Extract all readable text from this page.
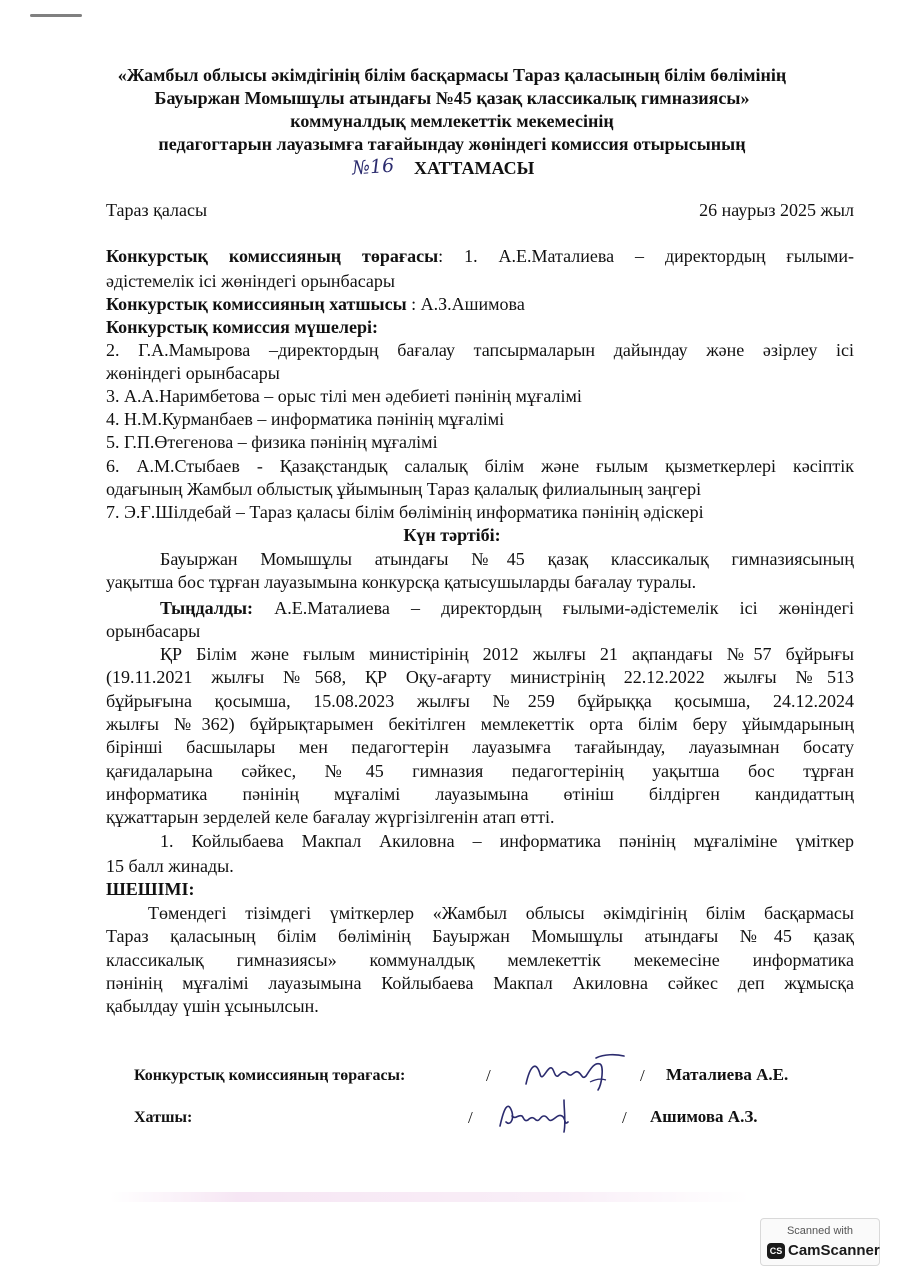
«Жамбыл облысы әкімдігінің білім басқармасы Тараз қаласының білім бөлімінің
Бауыржан Момышұлы атындағы №45 қазақ классикалық гимназиясы»
коммуналдық мемлекеттік мекемесінің
педагогтарын лауазымға тағайындау жөніндегі комиссия отырысының
№16 ХАТТАМАСЫ
Тараз қаласы	26 наурыз 2025 жыл
Конкурстық комиссияның төрағасы: 1. А.Е.Маталиева – директордың ғылыми-
әдістемелік ісі жөніндегі орынбасары
Конкурстық комиссияның хатшысы : А.З.Ашимова
Конкурстық комиссия мүшелері:
2. Г.А.Мамырова –директордың бағалау тапсырмаларын дайындау және әзірлеу ісі
жөніндегі орынбасары
3. А.А.Наримбетова – орыс тілі мен әдебиеті пәнінің мұғалімі
4. Н.М.Курманбаев – информатика пәнінің мұғалімі
5. Г.П.Өтегенова – физика пәнінің мұғалімі
6. А.М.Стыбаев - Қазақстандық салалық білім және ғылым қызметкерлері кәсіптік
одағының Жамбыл облыстық ұйымының Тараз қалалық филиалының заңгері
7. Э.Ғ.Шілдебай – Тараз қаласы білім бөлімінің информатика пәнінің әдіскері
Күн тәртібі:
Бауыржан Момышұлы атындағы №45 қазақ классикалық гимназиясының
уақытша бос тұрған лауазымына конкурсқа қатысушыларды бағалау туралы.
Тыңдалды: А.Е.Маталиева – директордың ғылыми-әдістемелік ісі жөніндегі
орынбасары
ҚР Білім және ғылым министірінің 2012 жылғы 21 ақпандағы №57 бұйрығы
(19.11.2021 жылғы №568, ҚР Оқу-ағарту министрінің 22.12.2022 жылғы №513
бұйрығына қосымша, 15.08.2023 жылғы №259 бұйрыққа қосымша, 24.12.2024
жылғы №362) бұйрықтарымен бекітілген мемлекеттік орта білім беру ұйымдарының
бірінші басшылары мен педагогтерін лауазымға тағайындау, лауазымнан босату
қағидаларына сәйкес, №45 гимназия педагогтерінің уақытша бос тұрған
информатика пәнінің мұғалімі лауазымына өтініш білдірген кандидаттың
құжаттарын зерделей келе бағалау жүргізілгенін атап өтті.
1. Койлыбаева Макпал Акиловна – информатика пәнінің мұғаліміне үміткер
15 балл жинады.
ШЕШІМІ:
Төмендегі тізімдегі үміткерлер «Жамбыл облысы әкімдігінің білім басқармасы
Тараз қаласының білім бөлімінің Бауыржан Момышұлы атындағы №45 қазақ
классикалық гимназиясы» коммуналдық мемлекеттік мекемесіне информатика
пәнінің мұғалімі лауазымына Койлыбаева Макпал Акиловна сәйкес деп жұмысқа
қабылдау үшін ұсынылсын.
Конкурстық комиссияның төрағасы:	/	/ Маталиева А.Е.
Хатшы:	/	/ Ашимова А.З.
Scanned with
CS CamScanner
